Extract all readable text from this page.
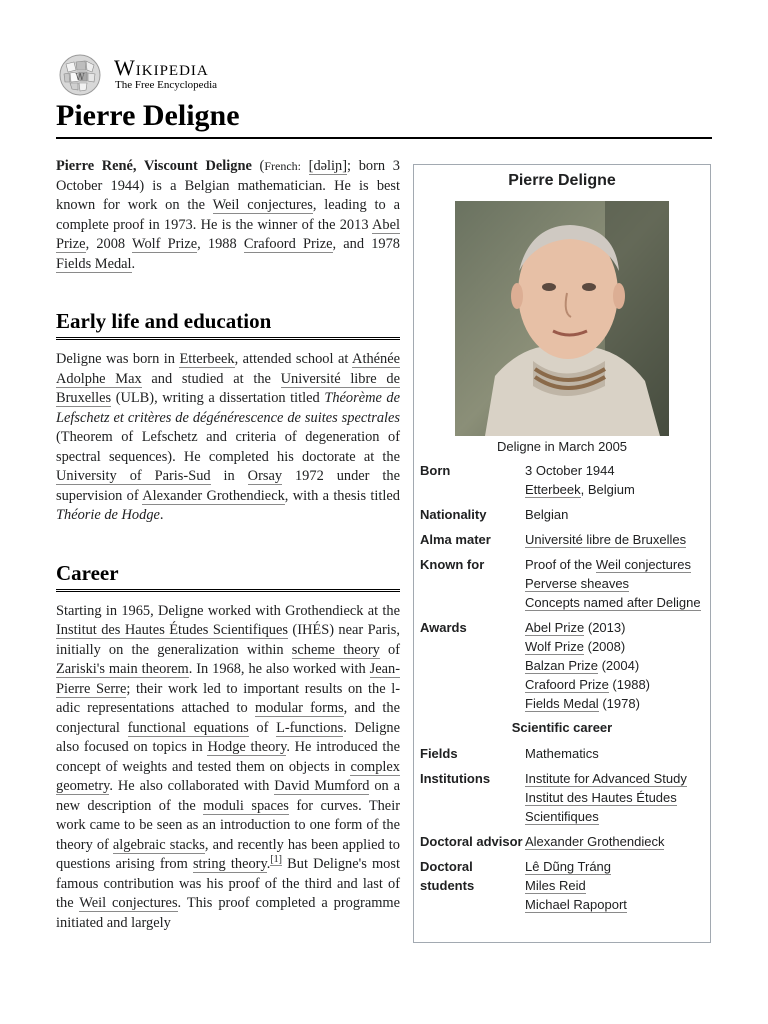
W Wikipedia
The Free Encyclopedia
Pierre Deligne

Pierre René, Viscount Deligne (French: [dəliɲ]; born 3 October 1944) is a Belgian mathematician. He is best known for work on the Weil conjectures, leading to a complete proof in 1973. He is the winner of the 2013 Abel Prize, 2008 Wolf Prize, 1988 Crafoord Prize, and 1978 Fields Medal.

Early life and education

Deligne was born in Etterbeek, attended school at Athénée Adolphe Max and studied at the Université libre de Bruxelles (ULB), writing a dissertation titled Théorème de Lefschetz et critères de dégénérescence de suites spectrales (Theorem of Lefschetz and criteria of degeneration of spectral sequences). He completed his doctorate at the University of Paris-Sud in Orsay 1972 under the supervision of Alexander Grothendieck, with a thesis titled Théorie de Hodge.

Career

Starting in 1965, Deligne worked with Grothendieck at the Institut des Hautes Études Scientifiques (IHÉS) near Paris, initially on the generalization within scheme theory of Zariski's main theorem. In 1968, he also worked with Jean-Pierre Serre; their work led to important results on the l-adic representations attached to modular forms, and the conjectural functional equations of L-functions. Deligne also focused on topics in Hodge theory. He introduced the concept of weights and tested them on objects in complex geometry. He also collaborated with David Mumford on a new description of the moduli spaces for curves. Their work came to be seen as an introduction to one form of the theory of algebraic stacks, and recently has been applied to questions arising from string theory.[1] But Deligne's most famous contribution was his proof of the third and last of the Weil conjectures. This proof completed a programme initiated and largely

Pierre Deligne
Deligne in March 2005
Born	3 October 1944
Etterbeek, Belgium
Nationality	Belgian
Alma mater	Université libre de Bruxelles
Known for	Proof of the Weil conjectures
Perverse sheaves
Concepts named after Deligne
Awards	Abel Prize (2013)
Wolf Prize (2008)
Balzan Prize (2004)
Crafoord Prize (1988)
Fields Medal (1978)
Scientific career
Fields	Mathematics
Institutions	Institute for Advanced Study
Institut des Hautes Études Scientifiques
Doctoral advisor Alexander Grothendieck
Doctoral students
Lê Dũng Tráng
Miles Reid
Michael Rapoport
